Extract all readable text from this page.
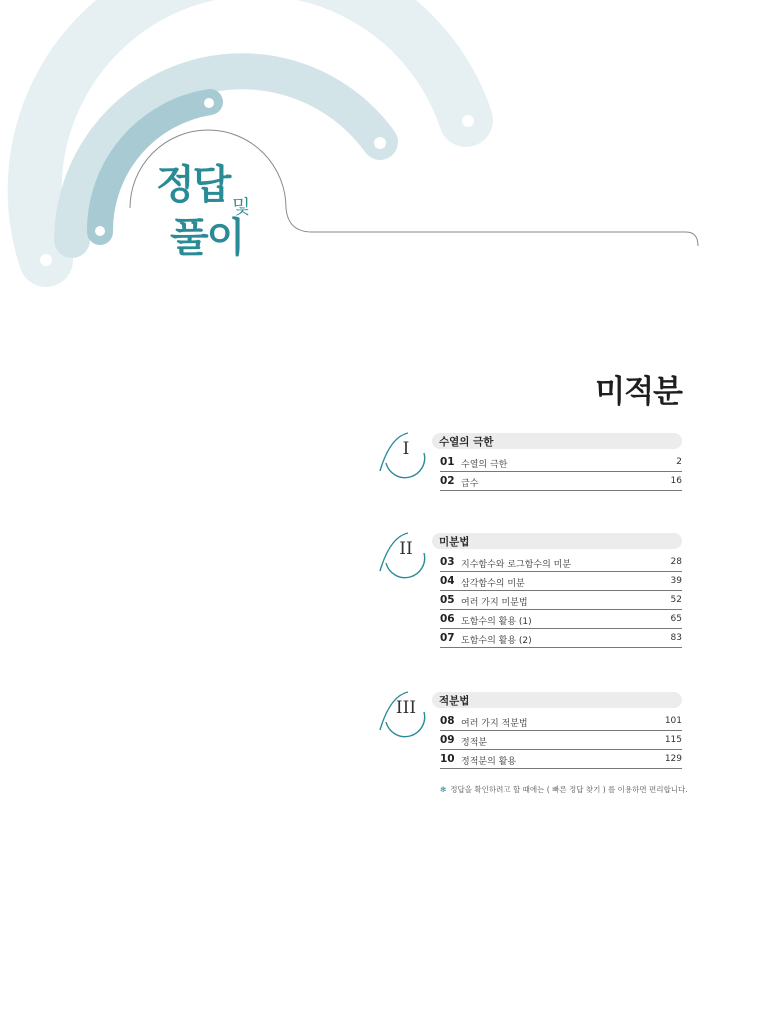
정답 및
풀이
미적분
I	수열의 극한
01 수열의 극한	2
02 급수	16
II	미분법
03 지수함수와 로그함수의 미분	28
04 삼각함수의 미분	39
05 여러 가지 미분법	52
06 도함수의 활용 (1)	65
07 도함수의 활용 (2)	83
III	적분법
08 여러 가지 적분법	101
09 정적분	115
10 정적분의 활용	129
✻ 정답을 확인하려고 할 때에는 ( 빠른 정답 찾기 ) 를 이용하면 편리합니다.
